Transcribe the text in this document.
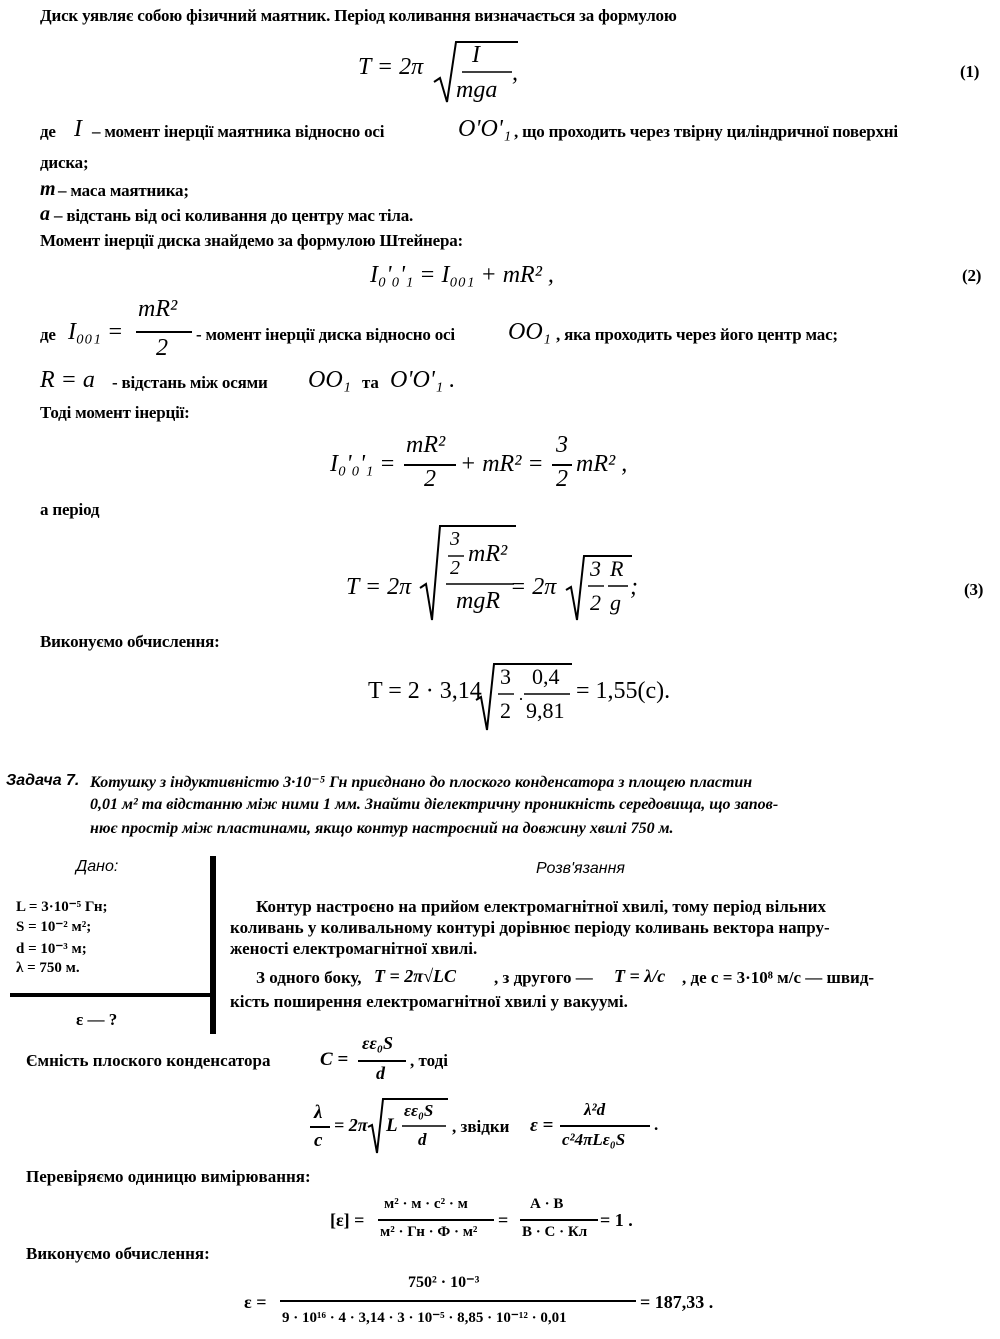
Диск уявляє собою фізичний маятник. Період коливання визначається за формулою
T = 2π I
mga
,	(1)
де I – момент інерції маятника відносно осі	O'O'₁ , що проходить через твірну циліндричної поверхні
диска;
m – маса маятника;
a – відстань від осі коливання до центру мас тіла.
Момент інерції диска знайдемо за формулою Штейнера:
I₀'₀'₁ = I₀₀₁ + mR² ,	(2)
де I₀₀₁ =
mR²
2
- момент інерції диска відносно осі OO₁ , яка проходить через його центр мас;
R = a - відстань між осями OO₁ та O'O'₁ .
Тоді момент інерції:
I₀'₀'₁ =
mR²
2
+ mR² =
3
2
mR² ,
а період
T = 2π
3
2
mR²
mgR
= 2π
3
2
R
g
;	(3)
Виконуємо обчислення:
T = 2 · 3,14
3
2 ·
0,4
9,81
= 1,55(c).
Задача 7. Котушку з індуктивністю 3·10⁻⁵ Гн приєднано до плоского конденсатора з площею пластин
0,01 м² та відстанню між ними 1 мм. Знайти діелектричну проникність середовища, що запов-
нює простір між пластинами, якщо контур настроєний на довжину хвилі 750 м.
Дано:
L = 3·10⁻⁵ Гн;
S = 10⁻² м²;
d = 10⁻³ м;
λ = 750 м.
ε — ?
Розв'язання
Контур настроєно на прийом електромагнітної хвилі, тому період вільних
коливань у коливальному контурі дорівнює періоду коливань вектора напру-
женості електромагнітної хвилі.
З одного боку, T = 2π√LC , з другого — T = λ/c , де c = 3·10⁸ м/с — швид-
кість поширення електромагнітної хвилі у вакуумі.
Ємність плоского конденсатора	C =
εε₀S
d
, тоді
λ
c
= 2π L
εε₀S
d
, звідки ε =
λ²d
c²4πLε₀S
.
Перевіряємо одиницю вимірювання:
[ε] =
м² · м · с² · м
м² · Гн · Ф · м²
=
А · В
В · С · Кл
= 1 .
Виконуємо обчислення:
ε =
750² · 10⁻³
9 · 10¹⁶ · 4 · 3,14 · 3 · 10⁻⁵ · 8,85 · 10⁻¹² · 0,01
= 187,33 .
